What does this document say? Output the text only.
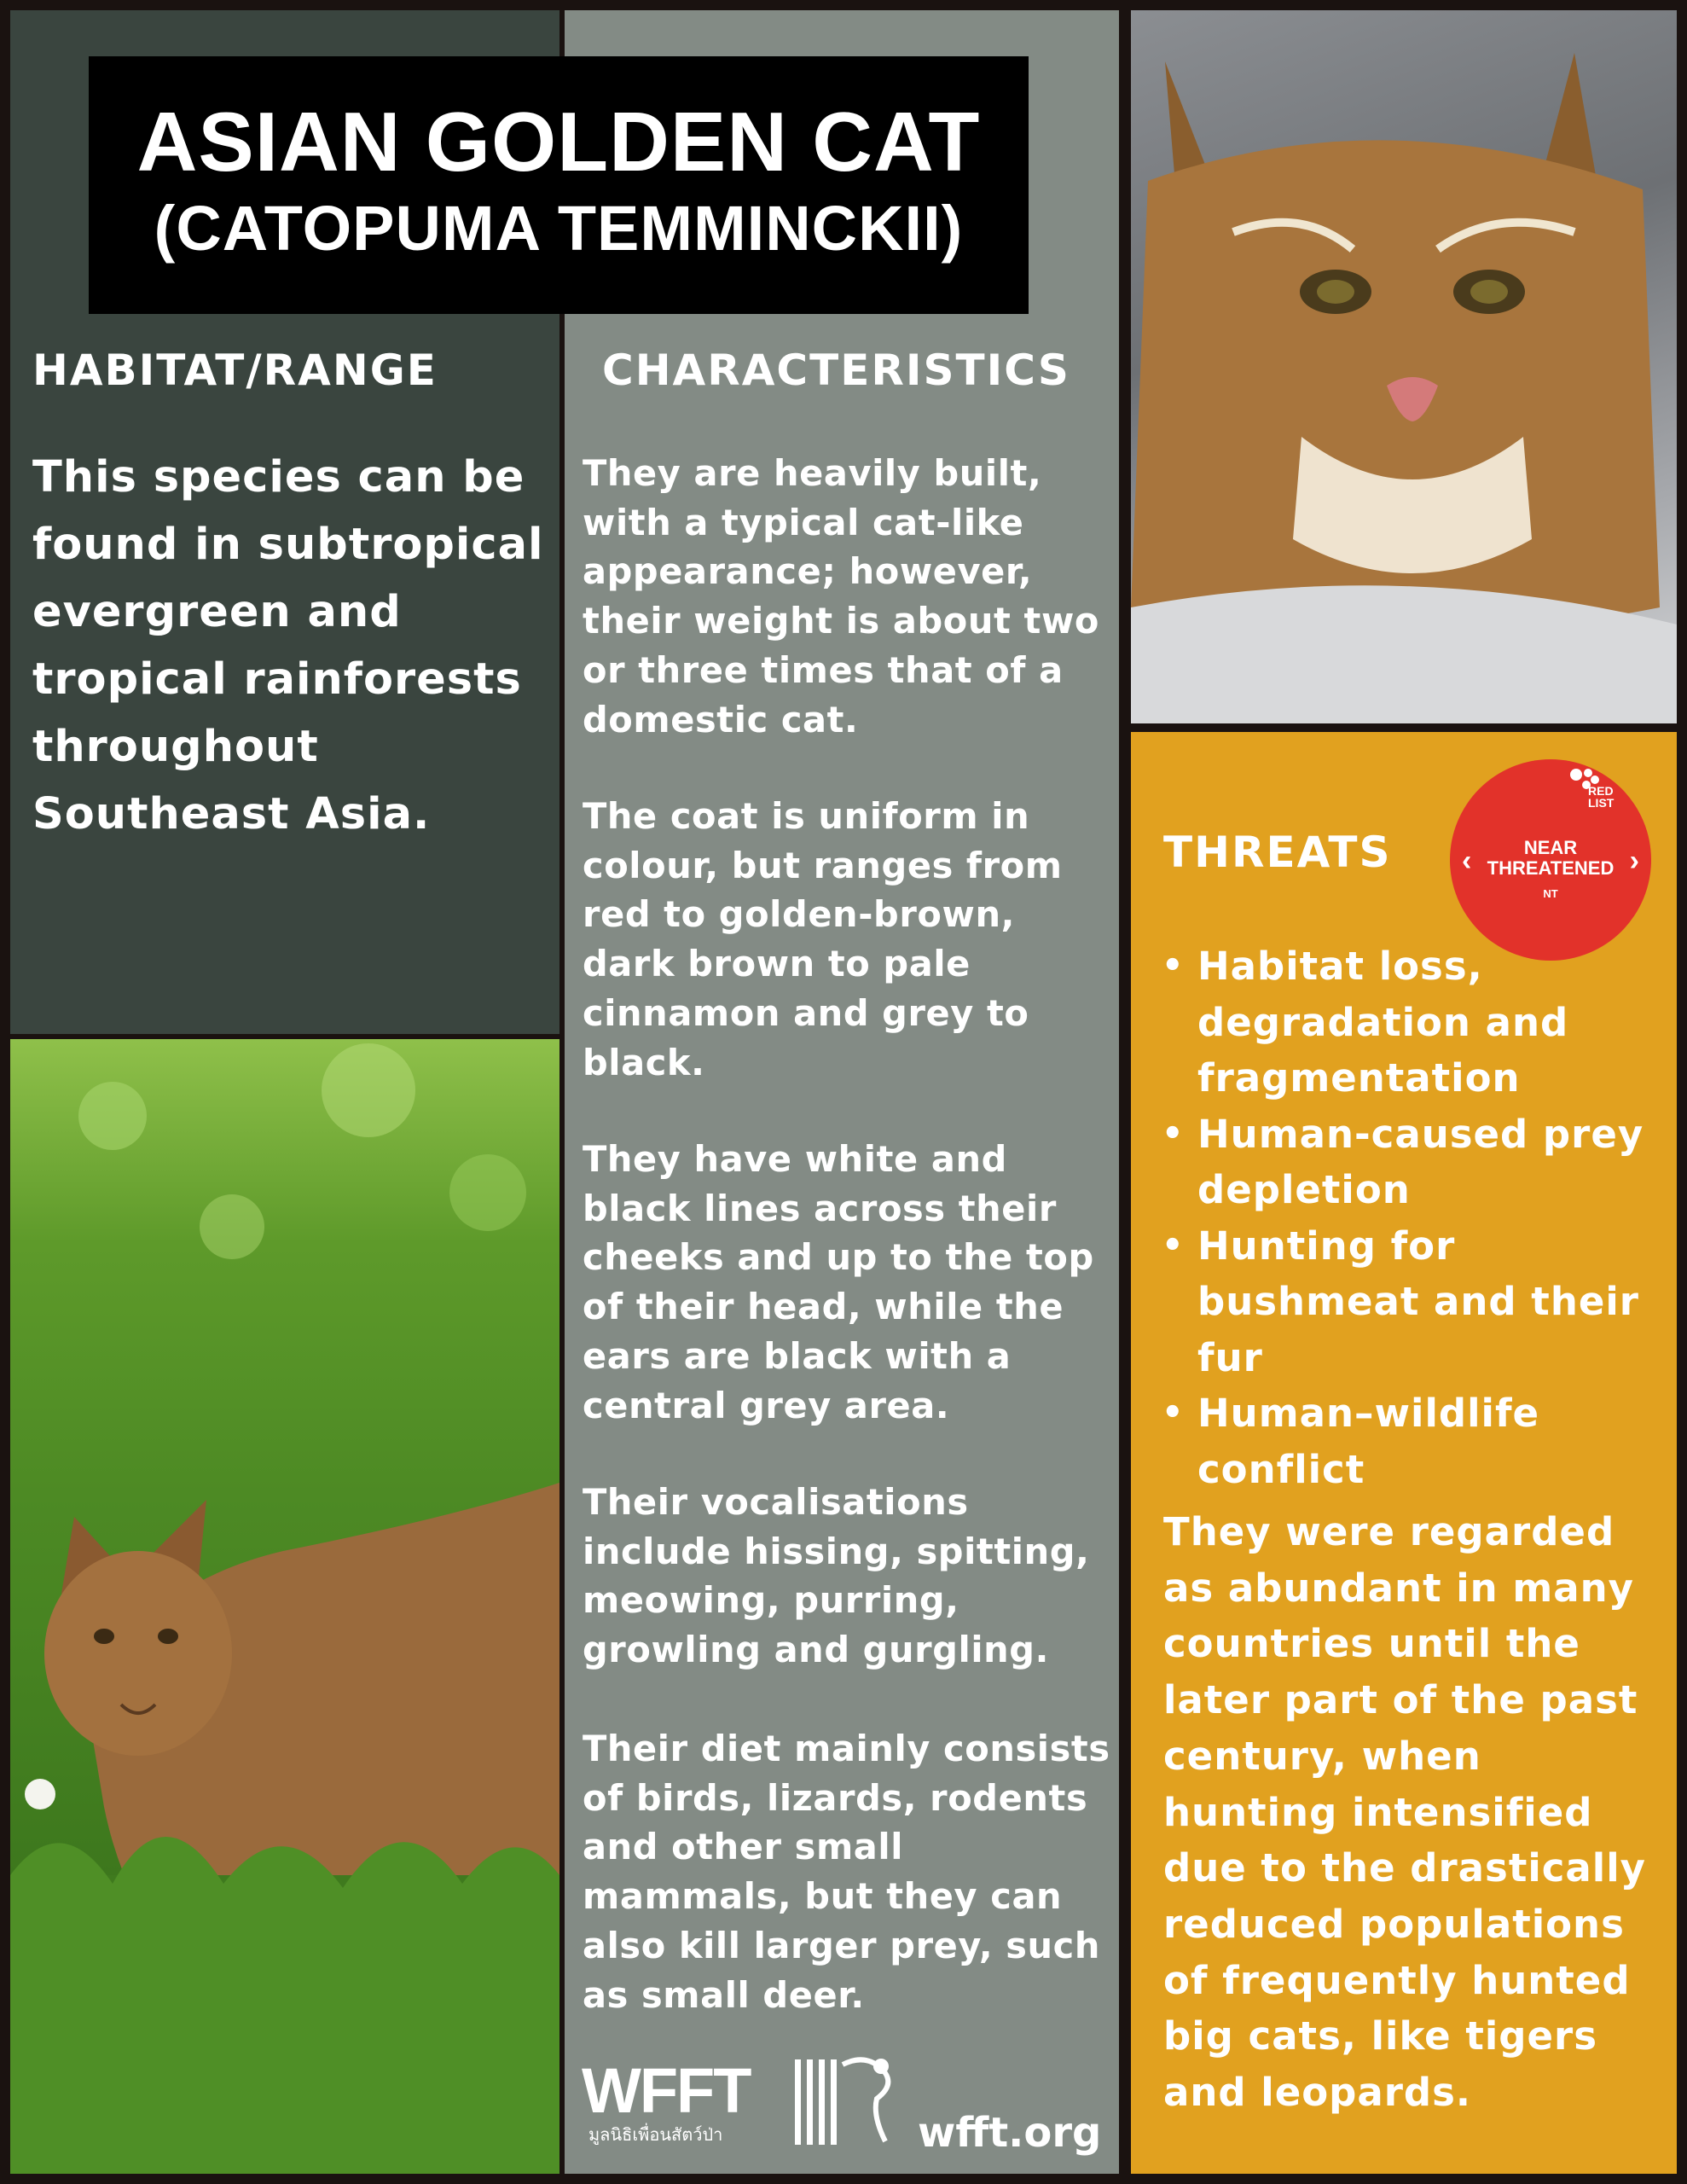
ASIAN GOLDEN CAT
(CATOPUMA TEMMINCKII)
HABITAT/RANGE
This species can be found in subtropical evergreen and tropical rainforests throughout Southeast Asia.
CHARACTERISTICS
They are heavily built, with a typical cat-like appearance; however, their weight is about two or three times that of a domestic cat.
The coat is uniform in colour, but ranges from red to golden-brown, dark brown to pale cinnamon and grey to black.
They have white and black lines across their cheeks and up to the top of their head, while the ears are black with a central grey area.
Their vocalisations include hissing, spitting, meowing, purring, growling and gurgling.
Their diet mainly consists of birds, lizards, rodents and other small mammals, but they can also kill larger prey, such as small deer.
THREATS
• Habitat loss, degradation and fragmentation
• Human-caused prey depletion
• Hunting for bushmeat and their fur
• Human–wildlife conflict
They were regarded as abundant in many countries until the later part of the past century, when hunting intensified due to the drastically reduced populations of frequently hunted big cats, like tigers and leopards.
RED LIST
‹	›
NEAR THREATENED
NT
WFFT
มูลนิธิเพื่อนสัตว์ป่า	wfft.org
